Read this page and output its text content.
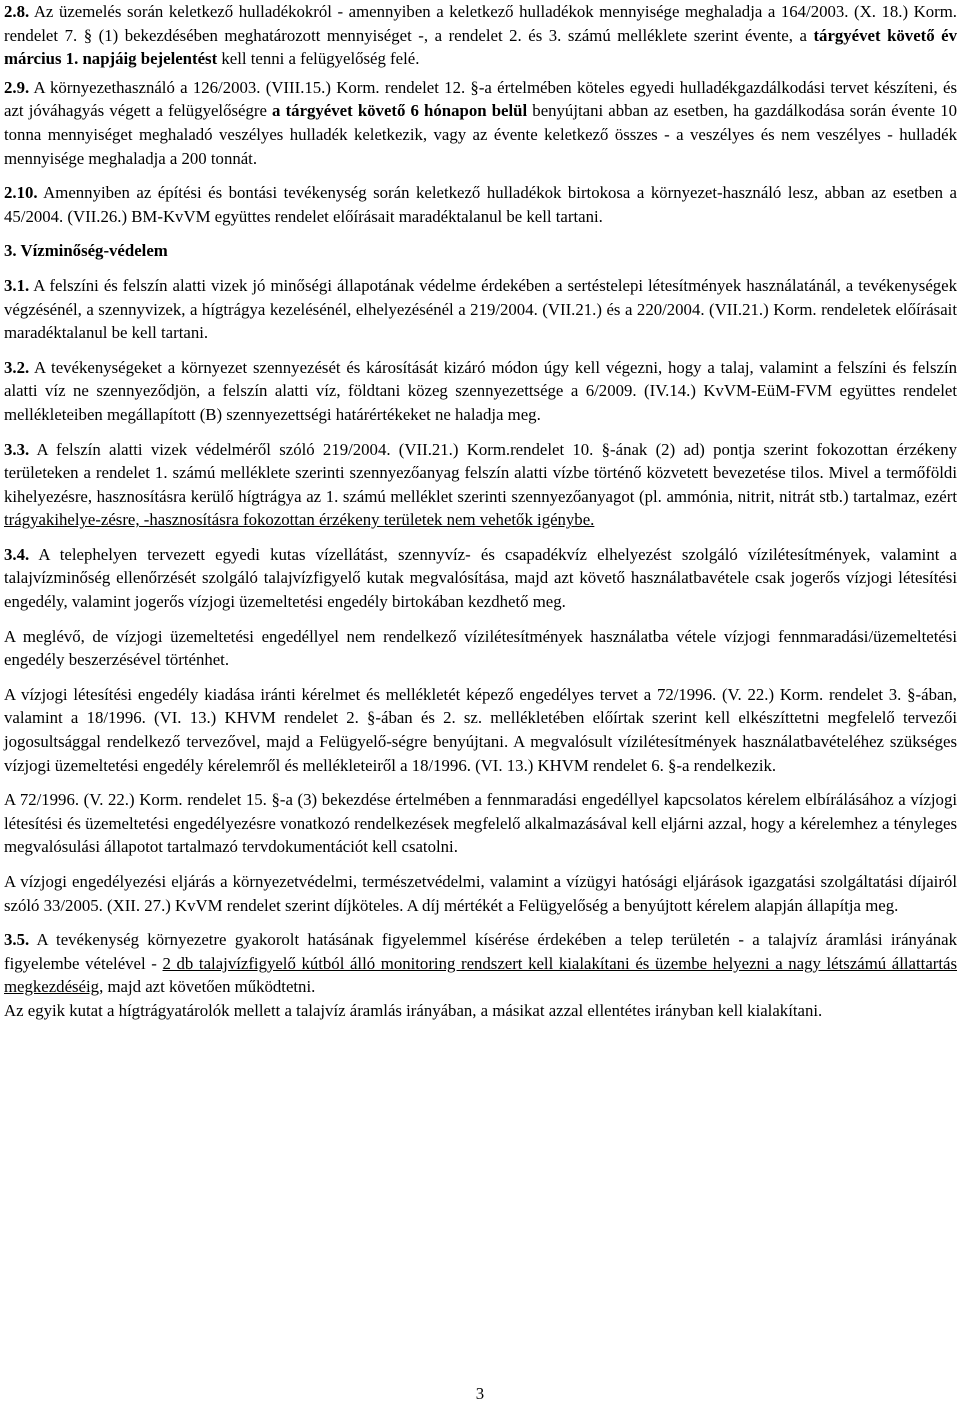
2.8. Az üzemelés során keletkező hulladékokról - amennyiben a keletkező hulladékok mennyisége meghaladja a 164/2003. (X. 18.) Korm. rendelet 7. § (1) bekezdésében meghatározott mennyiséget -, a rendelet 2. és 3. számú melléklete szerint évente, a tárgyévet követő év március 1. napjáig bejelentést kell tenni a felügyelőség felé.

2.9. A környezethasználó a 126/2003. (VIII.15.) Korm. rendelet 12. §-a értelmében köteles egyedi hulladékgazdálkodási tervet készíteni, és azt jóváhagyás végett a felügyelőségre a tárgyévet követő 6 hónapon belül benyújtani abban az esetben, ha gazdálkodása során évente 10 tonna mennyiséget meghaladó veszélyes hulladék keletkezik, vagy az évente keletkező összes - a veszélyes és nem veszélyes - hulladék mennyisége meghaladja a 200 tonnát.

2.10. Amennyiben az építési és bontási tevékenység során keletkező hulladékok birtokosa a környezet-használó lesz, abban az esetben a 45/2004. (VII.26.) BM-KvVM együttes rendelet előírásait maradéktalanul be kell tartani.

3. Vízminőség-védelem

3.1. A felszíni és felszín alatti vizek jó minőségi állapotának védelme érdekében a sertéstelepi létesítmények használatánál, a tevékenységek végzésénél, a szennyvizek, a hígtrágya kezelésénél, elhelyezésénél a 219/2004. (VII.21.) és a 220/2004. (VII.21.) Korm. rendeletek előírásait maradéktalanul be kell tartani.

3.2. A tevékenységeket a környezet szennyezését és károsítását kizáró módon úgy kell végezni, hogy a talaj, valamint a felszíni és felszín alatti víz ne szennyeződjön, a felszín alatti víz, földtani közeg szennyezettsége a 6/2009. (IV.14.) KvVM-EüM-FVM együttes rendelet mellékleteiben megállapított (B) szennyezettségi határértékeket ne haladja meg.

3.3. A felszín alatti vizek védelméről szóló 219/2004. (VII.21.) Korm.rendelet 10. §-ának (2) ad) pontja szerint fokozottan érzékeny területeken a rendelet 1. számú melléklete szerinti szennyezőanyag felszín alatti vízbe történő közvetett bevezetése tilos. Mivel a termőföldi kihelyezésre, hasznosításra kerülő hígtrágya az 1. számú melléklet szerinti szennyezőanyagot (pl. ammónia, nitrit, nitrát stb.) tartalmaz, ezért trágyakihelye-zésre, -hasznosításra fokozottan érzékeny területek nem vehetők igénybe.

3.4. A telephelyen tervezett egyedi kutas vízellátást, szennyvíz- és csapadékvíz elhelyezést szolgáló vízilétesítmények, valamint a talajvízminőség ellenőrzését szolgáló talajvízfigyelő kutak megvalósítása, majd azt követő használatbavétele csak jogerős vízjogi létesítési engedély, valamint jogerős vízjogi üzemeltetési engedély birtokában kezdhető meg.

A meglévő, de vízjogi üzemeltetési engedéllyel nem rendelkező vízilétesítmények használatba vétele vízjogi fennmaradási/üzemeltetési engedély beszerzésével történhet.

A vízjogi létesítési engedély kiadása iránti kérelmet és mellékletét képező engedélyes tervet a 72/1996. (V. 22.) Korm. rendelet 3. §-ában, valamint a 18/1996. (VI. 13.) KHVM rendelet 2. §-ában és 2. sz. mellékletében előírtak szerint kell elkészíttetni megfelelő tervezői jogosultsággal rendelkező tervezővel, majd a Felügyelő-ségre benyújtani. A megvalósult vízilétesítmények használatbavételéhez szükséges vízjogi üzemeltetési engedély kérelemről és mellékleteiről a 18/1996. (VI. 13.) KHVM rendelet 6. §-a rendelkezik.

A 72/1996. (V. 22.) Korm. rendelet 15. §-a (3) bekezdése értelmében a fennmaradási engedéllyel kapcsolatos kérelem elbírálásához a vízjogi létesítési és üzemeltetési engedélyezésre vonatkozó rendelkezések megfelelő alkalmazásával kell eljárni azzal, hogy a kérelemhez a tényleges megvalósulási állapotot tartalmazó tervdokumentációt kell csatolni.

A vízjogi engedélyezési eljárás a környezetvédelmi, természetvédelmi, valamint a vízügyi hatósági eljárások igazgatási szolgáltatási díjairól szóló 33/2005. (XII. 27.) KvVM rendelet szerint díjköteles. A díj mértékét a Felügyelőség a benyújtott kérelem alapján állapítja meg.

3.5. A tevékenység környezetre gyakorolt hatásának figyelemmel kísérése érdekében a telep területén - a talajvíz áramlási irányának figyelembe vételével - 2 db talajvízfigyelő kútból álló monitoring rendszert kell kialakítani és üzembe helyezni a nagy létszámú állattartás megkezdéséig, majd azt követően működtetni.

Az egyik kutat a hígtrágyatárolók mellett a talajvíz áramlás irányában, a másikat azzal ellentétes irányban kell kialakítani.

3
